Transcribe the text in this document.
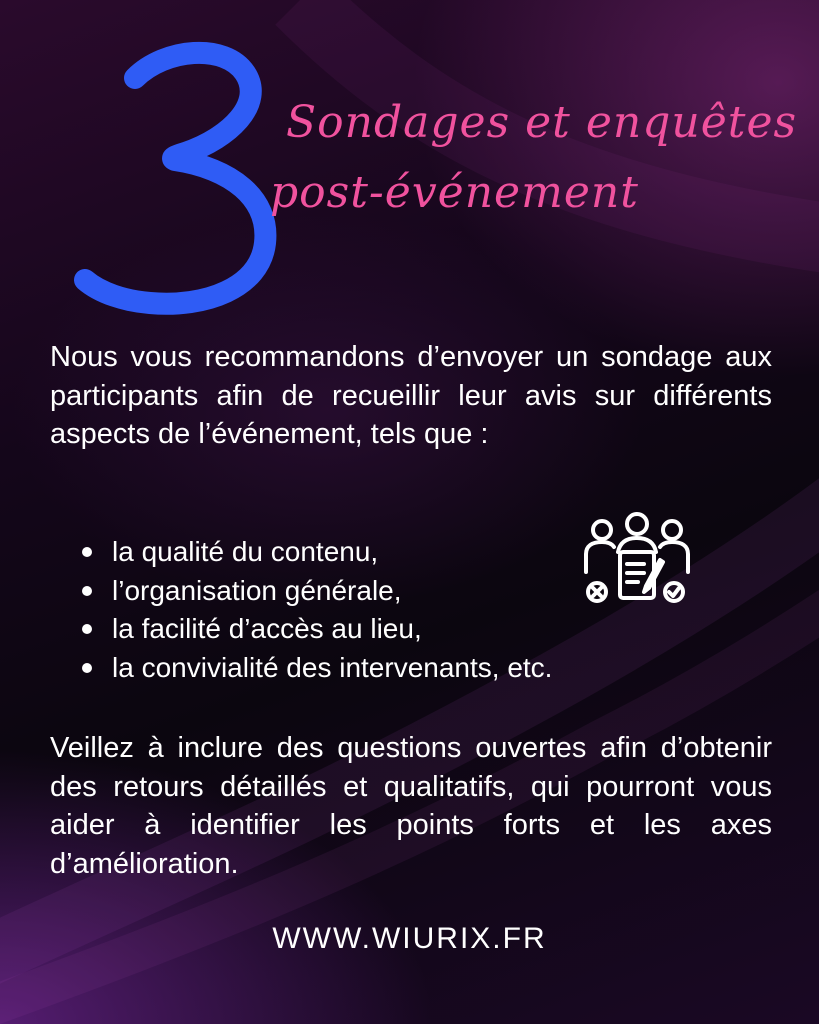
Sondages et enquêtes
post-événement

Nous vous recommandons d’envoyer un sondage aux participants afin de recueillir leur avis sur différents aspects de l’événement, tels que :

la qualité du contenu,
l’organisation générale,
la facilité d’accès au lieu,
la convivialité des intervenants, etc.

Veillez à inclure des questions ouvertes afin d’obtenir des retours détaillés et qualitatifs, qui pourront vous aider à identifier les points forts et les axes d’amélioration.

WWW.WIURIX.FR
